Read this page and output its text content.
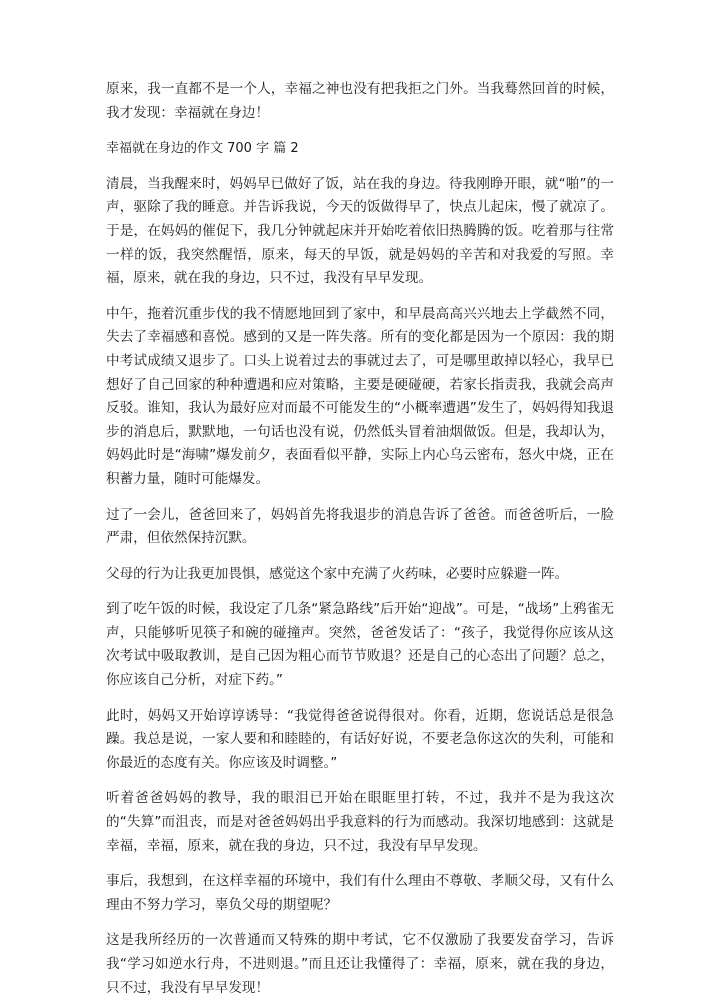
原来，我一直都不是一个人，幸福之神也没有把我拒之门外。当我蓦然回首的时候，我才发现：幸福就在身边！

幸福就在身边的作文 700 字 篇 2

清晨，当我醒来时，妈妈早已做好了饭，站在我的身边。待我刚睁开眼，就“啪”的一声，驱除了我的睡意。并告诉我说，今天的饭做得早了，快点儿起床，慢了就凉了。于是，在妈妈的催促下，我几分钟就起床并开始吃着依旧热腾腾的饭。吃着那与往常一样的饭，我突然醒悟，原来，每天的早饭，就是妈妈的辛苦和对我爱的写照。幸福，原来，就在我的身边，只不过，我没有早早发现。

中午，拖着沉重步伐的我不情愿地回到了家中，和早晨高高兴兴地去上学截然不同，失去了幸福感和喜悦。感到的又是一阵失落。所有的变化都是因为一个原因：我的期中考试成绩又退步了。口头上说着过去的事就过去了，可是哪里敢掉以轻心，我早已想好了自己回家的种种遭遇和应对策略，主要是硬碰硬，若家长指责我，我就会高声反驳。谁知，我认为最好应对而最不可能发生的“小概率遭遇”发生了，妈妈得知我退步的消息后，默默地，一句话也没有说，仍然低头冒着油烟做饭。但是，我却认为，妈妈此时是“海啸”爆发前夕，表面看似平静，实际上内心乌云密布，怒火中烧，正在积蓄力量，随时可能爆发。

过了一会儿，爸爸回来了，妈妈首先将我退步的消息告诉了爸爸。而爸爸听后，一脸严肃，但依然保持沉默。

父母的行为让我更加畏惧，感觉这个家中充满了火药味，必要时应躲避一阵。

到了吃午饭的时候，我设定了几条“紧急路线”后开始“迎战”。可是，“战场”上鸦雀无声，只能够听见筷子和碗的碰撞声。突然，爸爸发话了：“孩子，我觉得你应该从这次考试中吸取教训，是自己因为粗心而节节败退？还是自己的心态出了问题？总之，你应该自己分析，对症下药。”

此时，妈妈又开始谆谆诱导：“我觉得爸爸说得很对。你看，近期，您说话总是很急躁。我总是说，一家人要和和睦睦的，有话好好说，不要老急你这次的失利，可能和你最近的态度有关。你应该及时调整。”

听着爸爸妈妈的教导，我的眼泪已开始在眼眶里打转，不过，我并不是为我这次的“失算”而沮丧，而是对爸爸妈妈出乎我意料的行为而感动。我深切地感到：这就是幸福，幸福，原来，就在我的身边，只不过，我没有早早发现。

事后，我想到，在这样幸福的环境中，我们有什么理由不尊敬、孝顺父母，又有什么理由不努力学习，辜负父母的期望呢？

这是我所经历的一次普通而又特殊的期中考试，它不仅激励了我要发奋学习，告诉我“学习如逆水行舟，不进则退。”而且还让我懂得了：幸福，原来，就在我的身边，只不过，我没有早早发现！
